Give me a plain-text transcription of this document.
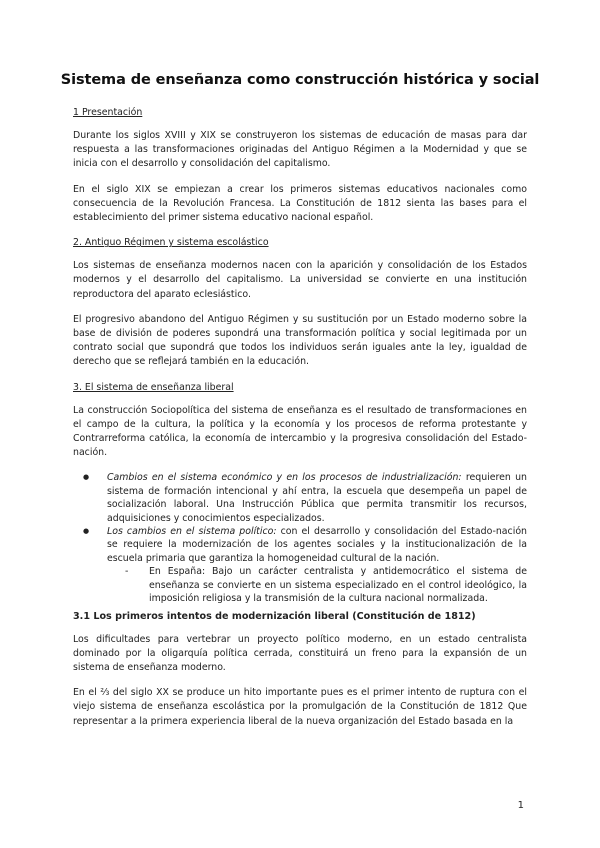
Sistema de enseñanza como construcción histórica y social
1 Presentación

Durante los siglos XVIII y XIX se construyeron los sistemas de educación de masas para dar respuesta a las transformaciones originadas del Antiguo Régimen a la Modernidad y que se inicia con el desarrollo y consolidación del capitalismo.

En el siglo XIX se empiezan a crear los primeros sistemas educativos nacionales como consecuencia de la Revolución Francesa. La Constitución de 1812 sienta las bases para el establecimiento del primer sistema educativo nacional español.

2. Antiguo Régimen y sistema escolástico

Los sistemas de enseñanza modernos nacen con la aparición y consolidación de los Estados modernos y el desarrollo del capitalismo. La universidad se convierte en una institución reproductora del aparato eclesiástico.

El progresivo abandono del Antiguo Régimen y su sustitución por un Estado moderno sobre la base de división de poderes supondrá una transformación política y social legitimada por un contrato social que supondrá que todos los individuos serán iguales ante la ley, igualdad de derecho que se reflejará también en la educación.

3. El sistema de enseñanza liberal

La construcción Sociopolítica del sistema de enseñanza es el resultado de transformaciones en el campo de la cultura, la política y la economía y los procesos de reforma protestante y Contrarreforma católica, la economía de intercambio y la progresiva consolidación del Estado-nación.

● Cambios en el sistema económico y en los procesos de industrialización: requieren un sistema de formación intencional y ahí entra, la escuela que desempeña un papel de socialización laboral. Una Instrucción Pública que permita transmitir los recursos, adquisiciones y conocimientos especializados.
● Los cambios en el sistema político: con el desarrollo y consolidación del Estado-nación se requiere la modernización de los agentes sociales y la institucionalización de la escuela primaria que garantiza la homogeneidad cultural de la nación.
- En España: Bajo un carácter centralista y antidemocrático el sistema de enseñanza se convierte en un sistema especializado en el control ideológico, la imposición religiosa y la transmisión de la cultura nacional normalizada.
3.1 Los primeros intentos de modernización liberal (Constitución de 1812)

Los dificultades para vertebrar un proyecto político moderno, en un estado centralista dominado por la oligarquía política cerrada, constituirá un freno para la expansión de un sistema de enseñanza moderno.

En el ⅔ del siglo XX se produce un hito importante pues es el primer intento de ruptura con el viejo sistema de enseñanza escolástica por la promulgación de la Constitución de 1812 Que representar a la primera experiencia liberal de la nueva organización del Estado basada en la

1
